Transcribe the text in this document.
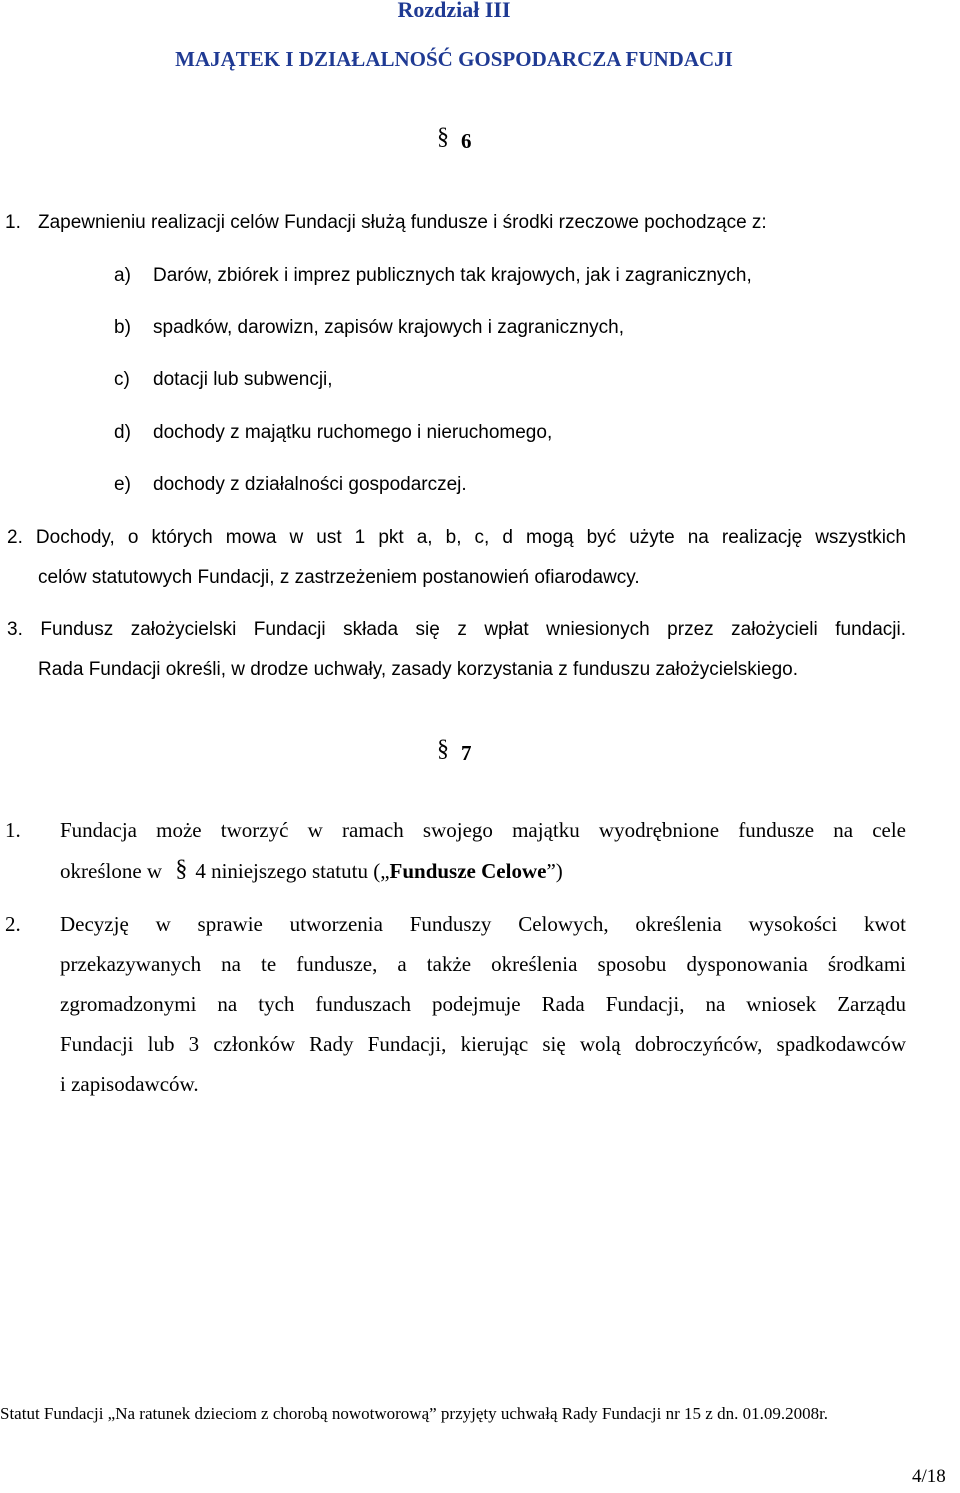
Rozdział III
MAJĄTEK I DZIAŁALNOŚĆ GOSPODARCZA FUNDACJI
§ 6
1. Zapewnieniu realizacji celów Fundacji służą fundusze i środki rzeczowe pochodzące z:
a) Darów, zbiórek i imprez publicznych tak krajowych, jak i zagranicznych,
b) spadków, darowizn, zapisów krajowych i zagranicznych,
c) dotacji lub subwencji,
d) dochody z majątku ruchomego i nieruchomego,
e) dochody z działalności gospodarczej.
2. Dochody, o których mowa w ust 1 pkt a, b, c, d mogą być użyte na realizację wszystkich
celów statutowych Fundacji, z zastrzeżeniem postanowień ofiarodawcy.
3. Fundusz założycielski Fundacji składa się z wpłat wniesionych przez założycieli fundacji.
Rada Fundacji określi, w drodze uchwały, zasady korzystania z funduszu założycielskiego.
§ 7
1. Fundacja może tworzyć w ramach swojego majątku wyodrębnione fundusze na cele
określone w § 4 niniejszego statutu („Fundusze Celowe”)
2. Decyzję w sprawie utworzenia Funduszy Celowych, określenia wysokości kwot
przekazywanych na te fundusze, a także określenia sposobu dysponowania środkami
zgromadzonymi na tych funduszach podejmuje Rada Fundacji, na wniosek Zarządu
Fundacji lub 3 członków Rady Fundacji, kierując się wolą dobroczyńców, spadkodawców
i zapisodawców.
Statut Fundacji „Na ratunek dzieciom z chorobą nowotworową” przyjęty uchwałą Rady Fundacji nr 15 z dn. 01.09.2008r.
4/18
